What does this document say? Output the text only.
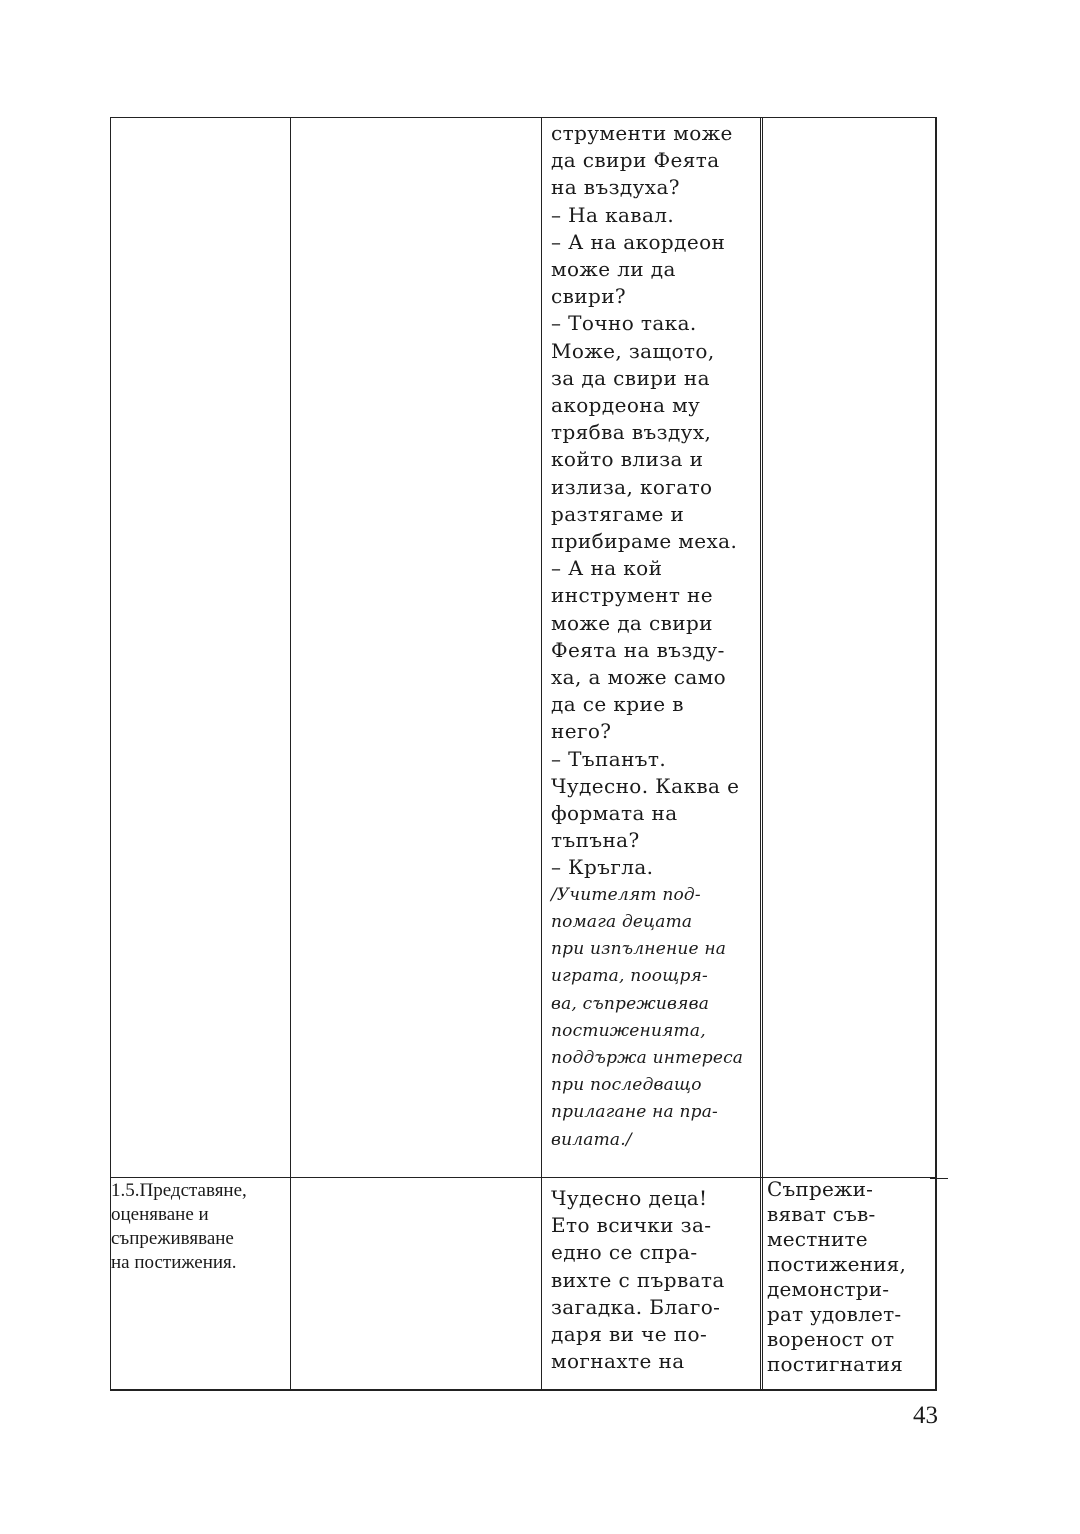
струменти може
да свири Феята
на въздуха?
– На кавал.
– А на акордеон
може ли да
свири?
– Точно така.
Може, защото,
за да свири на
акордеона му
трябва въздух,
който влиза и
излиза, когато
разтягаме и
прибираме меха.
– А на кой
инструмент не
може да свири
Феята на възду-
ха, а може само
да се крие в
него?
– Тъпанът.
Чудесно. Каква е
формата на
тъпъна?
– Кръгла.
/Учителят под-
помага децата
при изпълнение на
играта, поощря-
ва, съпреживява
постиженията,
поддържа интереса
при последващо
прилагане на пра-
вилата./
1.5.Представяне,
оценяване и
съпреживяване
на постижения.
Чудесно деца!
Ето всички за-
едно се спра-
вихте с първата
загадка. Благо-
даря ви че по-
могнахте на
Съпрежи-
вяват съв-
местните
постижения,
демонстри-
рат удовлет-
вореност от
постигнатия
43
